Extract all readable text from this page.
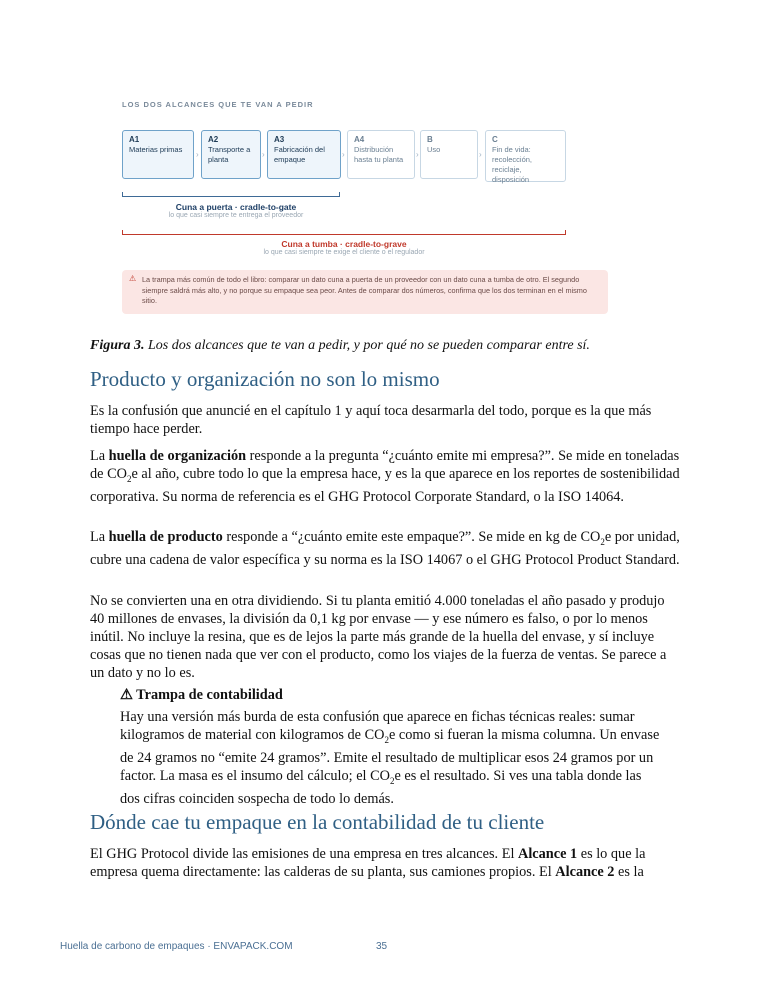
LOS DOS ALCANCES QUE TE VAN A PEDIR
A1
Materias primas
›
A2
Transporte a planta
›
A3
Fabricación del empaque
›
A4
Distribución hasta tu planta
›
B
Uso
›
C
Fin de vida: recolección, reciclaje, disposición
Cuna a puerta · cradle-to-gate
lo que casi siempre te entrega el proveedor
Cuna a tumba · cradle-to-grave
lo que casi siempre te exige el cliente o el regulador
⚠ La trampa más común de todo el libro: comparar un dato cuna a puerta de un proveedor con un dato cuna a tumba de otro. El segundo siempre saldrá más alto, y no porque su empaque sea peor. Antes de comparar dos números, confirma que los dos terminan en el mismo sitio.
Figura 3. Los dos alcances que te van a pedir, y por qué no se pueden comparar entre sí.
Producto y organización no son lo mismo

Es la confusión que anuncié en el capítulo 1 y aquí toca desarmarla del todo, porque es la que más tiempo hace perder.

La huella de organización responde a la pregunta “¿cuánto emite mi empresa?”. Se mide en toneladas de $CO_2e$ al año, cubre todo lo que la empresa hace, y es la que aparece en los reportes de sostenibilidad corporativa. Su norma de referencia es el GHG Protocol Corporate Standard, o la ISO 14064.

La huella de producto responde a “¿cuánto emite este empaque?”. Se mide en kg de $CO_2e$ por unidad, cubre una cadena de valor específica y su norma es la ISO 14067 o el GHG Protocol Product Standard.

No se convierten una en otra dividiendo. Si tu planta emitió 4.000 toneladas el año pasado y produjo 40 millones de envases, la división da 0,1 kg por envase — y ese número es falso, o por lo menos inútil. No incluye la resina, que es de lejos la parte más grande de la huella del envase, y sí incluye cosas que no tienen nada que ver con el producto, como los viajes de la fuerza de ventas. Se parece a un dato y no lo es.

⚠ Trampa de contabilidad
Hay una versión más burda de esta confusión que aparece en fichas técnicas reales: sumar kilogramos de material con kilogramos de $CO_2e$ como si fueran la misma columna. Un envase de 24 gramos no “emite 24 gramos”. Emite el resultado de multiplicar esos 24 gramos por un factor. La masa es el insumo del cálculo; el $CO_2e$ es el resultado. Si ves una tabla donde las dos cifras coinciden sospecha de todo lo demás.
Dónde cae tu empaque en la contabilidad de tu cliente

El GHG Protocol divide las emisiones de una empresa en tres alcances. El Alcance 1 es lo que la empresa quema directamente: las calderas de su planta, sus camiones propios. El Alcance 2 es la

Huella de carbono de empaques · ENVAPACK.COM	35
